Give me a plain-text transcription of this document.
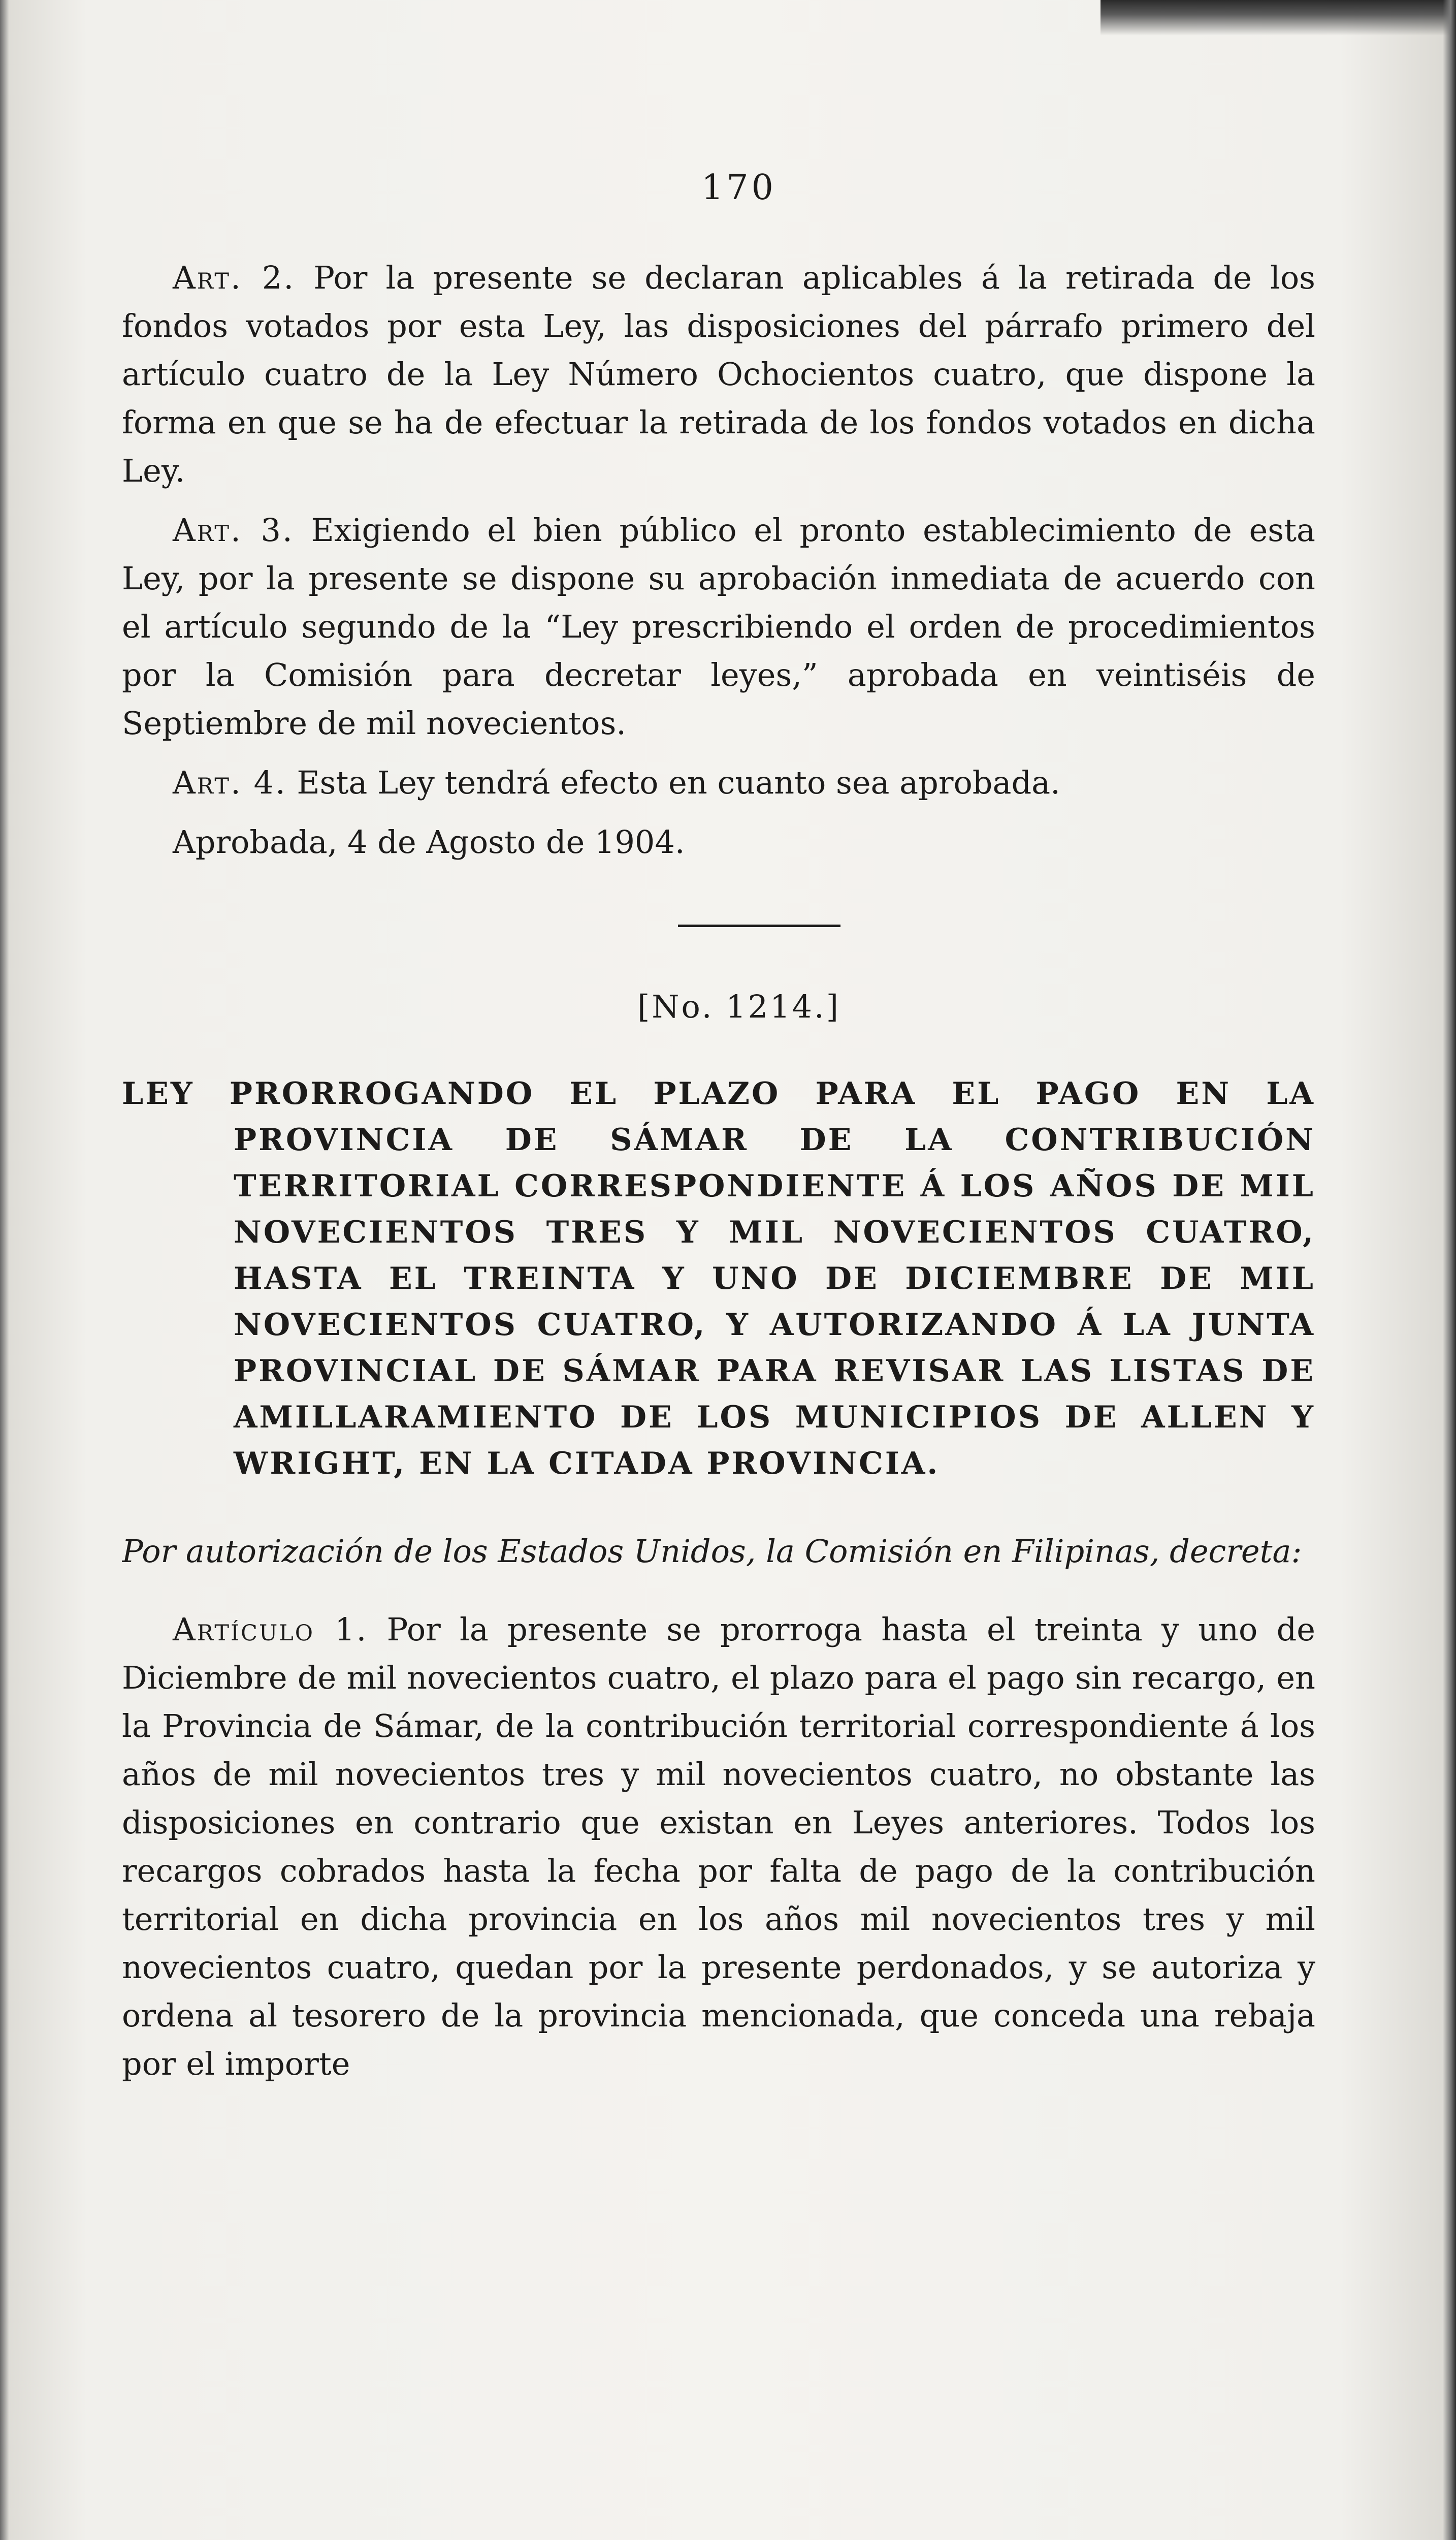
170

Art. 2. Por la presente se declaran aplicables á la retirada de los fondos votados por esta Ley, las disposiciones del párrafo primero del artículo cuatro de la Ley Número Ochocientos cuatro, que dispone la forma en que se ha de efectuar la retirada de los fondos votados en dicha Ley.

Art. 3. Exigiendo el bien público el pronto establecimiento de esta Ley, por la presente se dispone su aprobación inmediata de acuerdo con el artículo segundo de la “Ley prescribiendo el orden de procedimientos por la Comisión para decretar leyes,” aprobada en veintiséis de Septiembre de mil novecientos.

Art. 4. Esta Ley tendrá efecto en cuanto sea aprobada.

Aprobada, 4 de Agosto de 1904.

[No. 1214.]

LEY PRORROGANDO EL PLAZO PARA EL PAGO EN LA PROVINCIA DE SÁMAR DE LA CONTRIBUCIÓN TERRITORIAL CORRESPONDIENTE Á LOS AÑOS DE MIL NOVECIENTOS TRES Y MIL NOVECIENTOS CUATRO, HASTA EL TREINTA Y UNO DE DICIEMBRE DE MIL NOVECIENTOS CUATRO, Y AUTORIZANDO Á LA JUNTA PROVINCIAL DE SÁMAR PARA REVISAR LAS LISTAS DE AMILLARAMIENTO DE LOS MUNICIPIOS DE ALLEN Y WRIGHT, EN LA CITADA PROVINCIA.

Por autorización de los Estados Unidos, la Comisión en Filipinas, decreta:

Artículo 1. Por la presente se prorroga hasta el treinta y uno de Diciembre de mil novecientos cuatro, el plazo para el pago sin recargo, en la Provincia de Sámar, de la contribución territorial correspondiente á los años de mil novecientos tres y mil novecientos cuatro, no obstante las disposiciones en contrario que existan en Leyes anteriores. Todos los recargos cobrados hasta la fecha por falta de pago de la contribución territorial en dicha provincia en los años mil novecientos tres y mil novecientos cuatro, quedan por la presente perdonados, y se autoriza y ordena al tesorero de la provincia mencionada, que conceda una rebaja por el importe
